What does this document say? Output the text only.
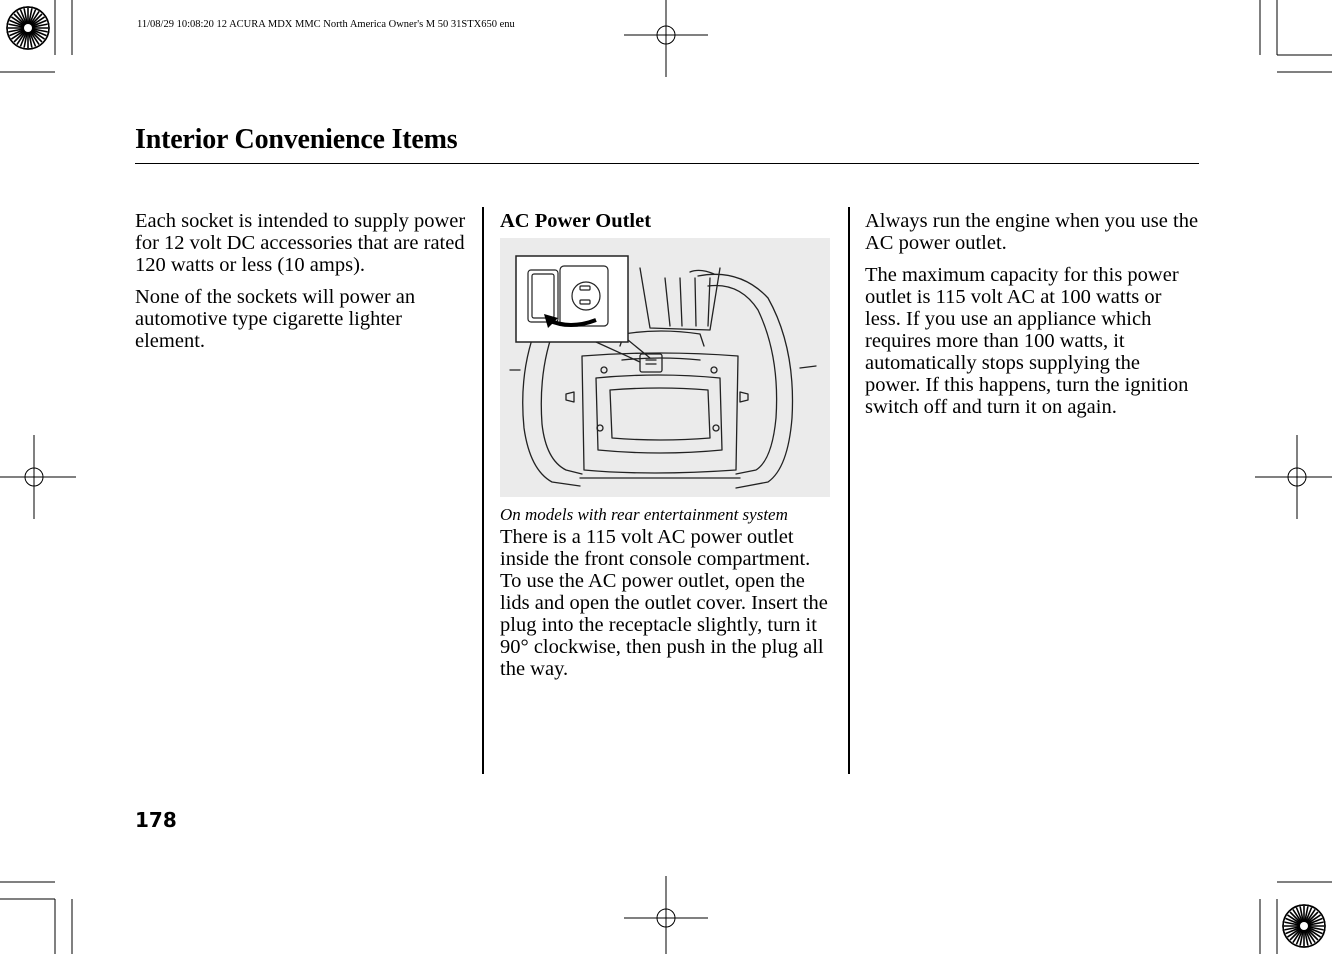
11/08/29 10:08:20 12 ACURA MDX MMC North America Owner's M 50 31STX650 enu
Interior Convenience Items

Each socket is intended to supply power for 12 volt DC accessories that are rated 120 watts or less (10 amps).

None of the sockets will power an automotive type cigarette lighter element.

AC Power Outlet
On models with rear entertainment system
There is a 115 volt AC power outlet inside the front console compartment. To use the AC power outlet, open the lids and open the outlet cover. Insert the plug into the receptacle slightly, turn it 90° clockwise, then push in the plug all the way.

Always run the engine when you use the AC power outlet.

The maximum capacity for this power outlet is 115 volt AC at 100 watts or less. If you use an appliance which requires more than 100 watts, it automatically stops supplying the power. If this happens, turn the ignition switch off and turn it on again.

178
